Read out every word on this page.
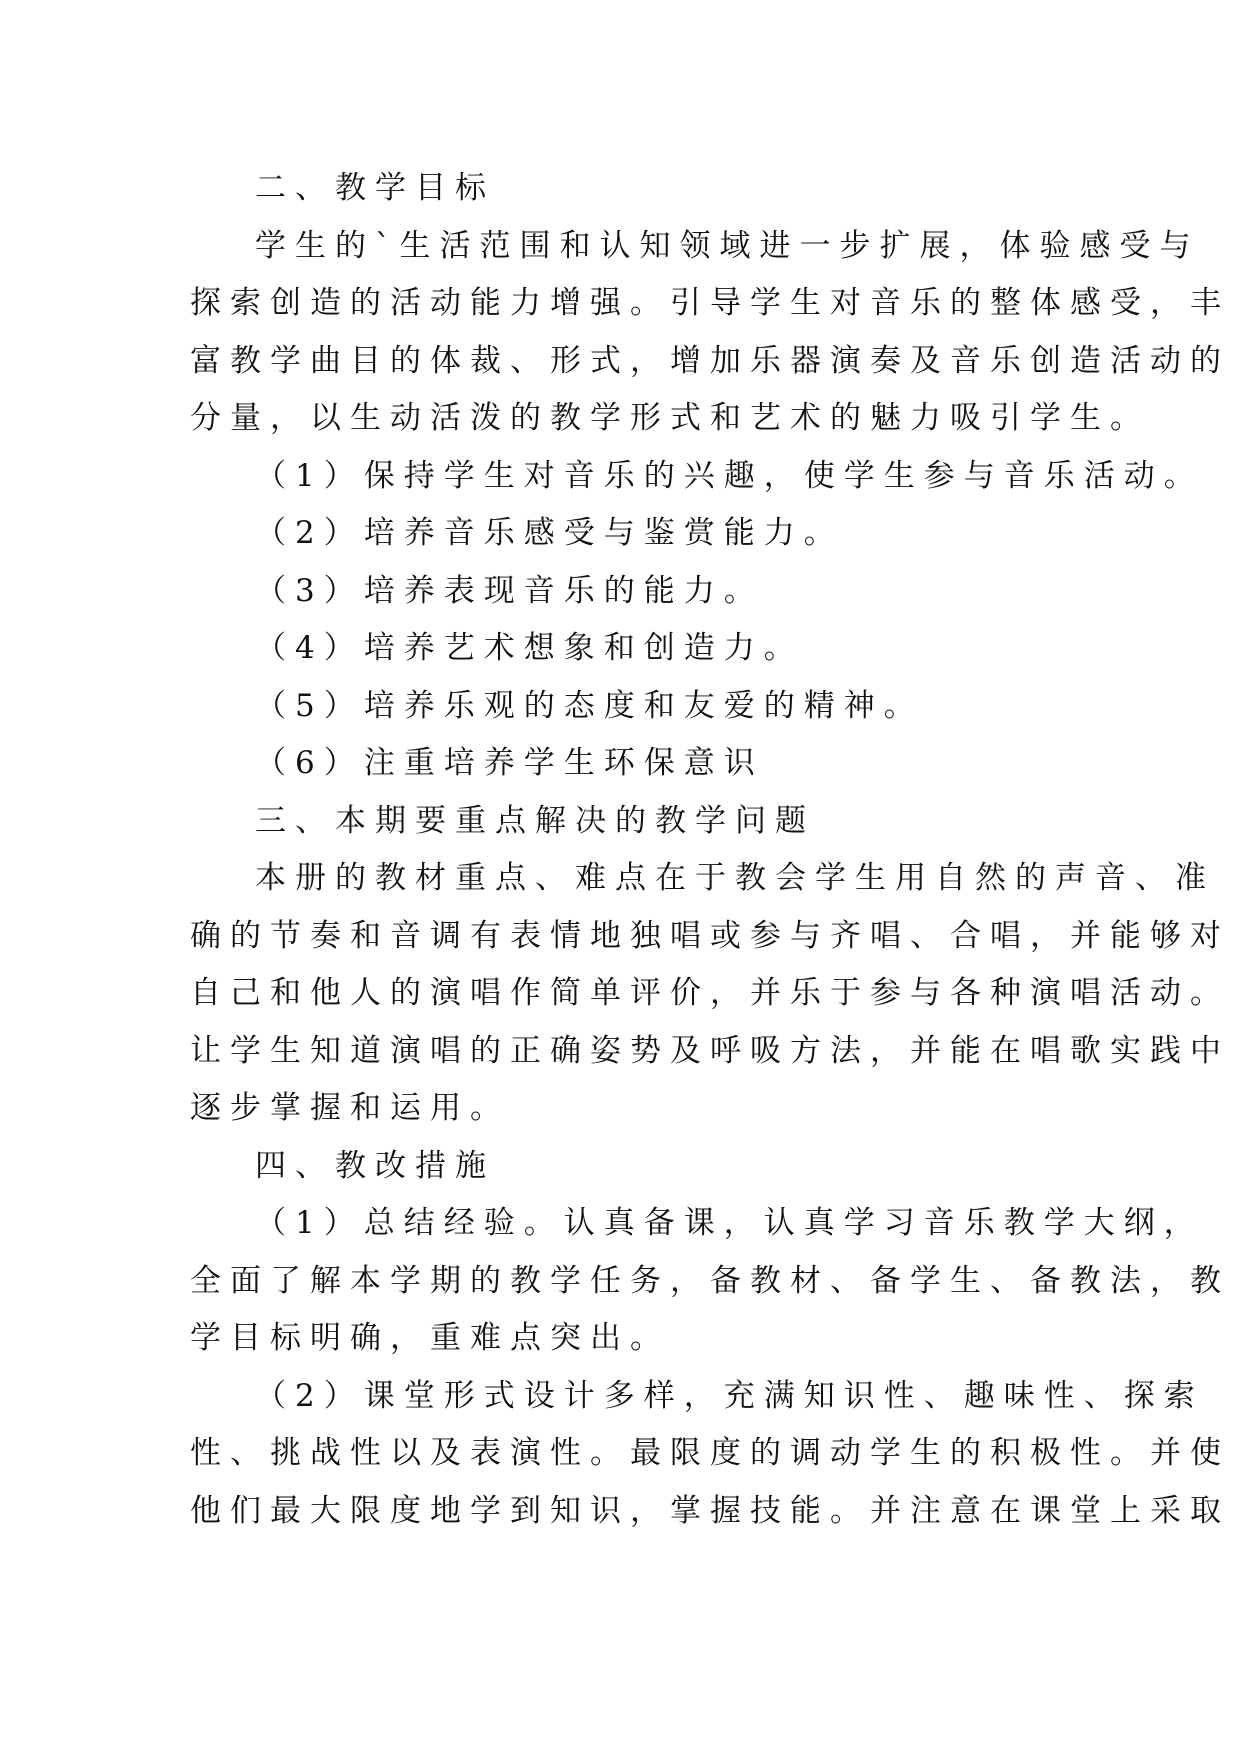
二、教学目标
学生的`生活范围和认知领域进一步扩展，体验感受与
探索创造的活动能力增强。引导学生对音乐的整体感受，丰
富教学曲目的体裁、形式，增加乐器演奏及音乐创造活动的
分量，以生动活泼的教学形式和艺术的魅力吸引学生。
（1）保持学生对音乐的兴趣，使学生参与音乐活动。
（2）培养音乐感受与鉴赏能力。
（3）培养表现音乐的能力。
（4）培养艺术想象和创造力。
（5）培养乐观的态度和友爱的精神。
（6）注重培养学生环保意识
三、本期要重点解决的教学问题
本册的教材重点、难点在于教会学生用自然的声音、准
确的节奏和音调有表情地独唱或参与齐唱、合唱，并能够对
自己和他人的演唱作简单评价，并乐于参与各种演唱活动。
让学生知道演唱的正确姿势及呼吸方法，并能在唱歌实践中
逐步掌握和运用。
四、教改措施
（1）总结经验。认真备课，认真学习音乐教学大纲，
全面了解本学期的教学任务，备教材、备学生、备教法，教
学目标明确，重难点突出。
（2）课堂形式设计多样，充满知识性、趣味性、探索
性、挑战性以及表演性。最限度的调动学生的积极性。并使
他们最大限度地学到知识，掌握技能。并注意在课堂上采取
